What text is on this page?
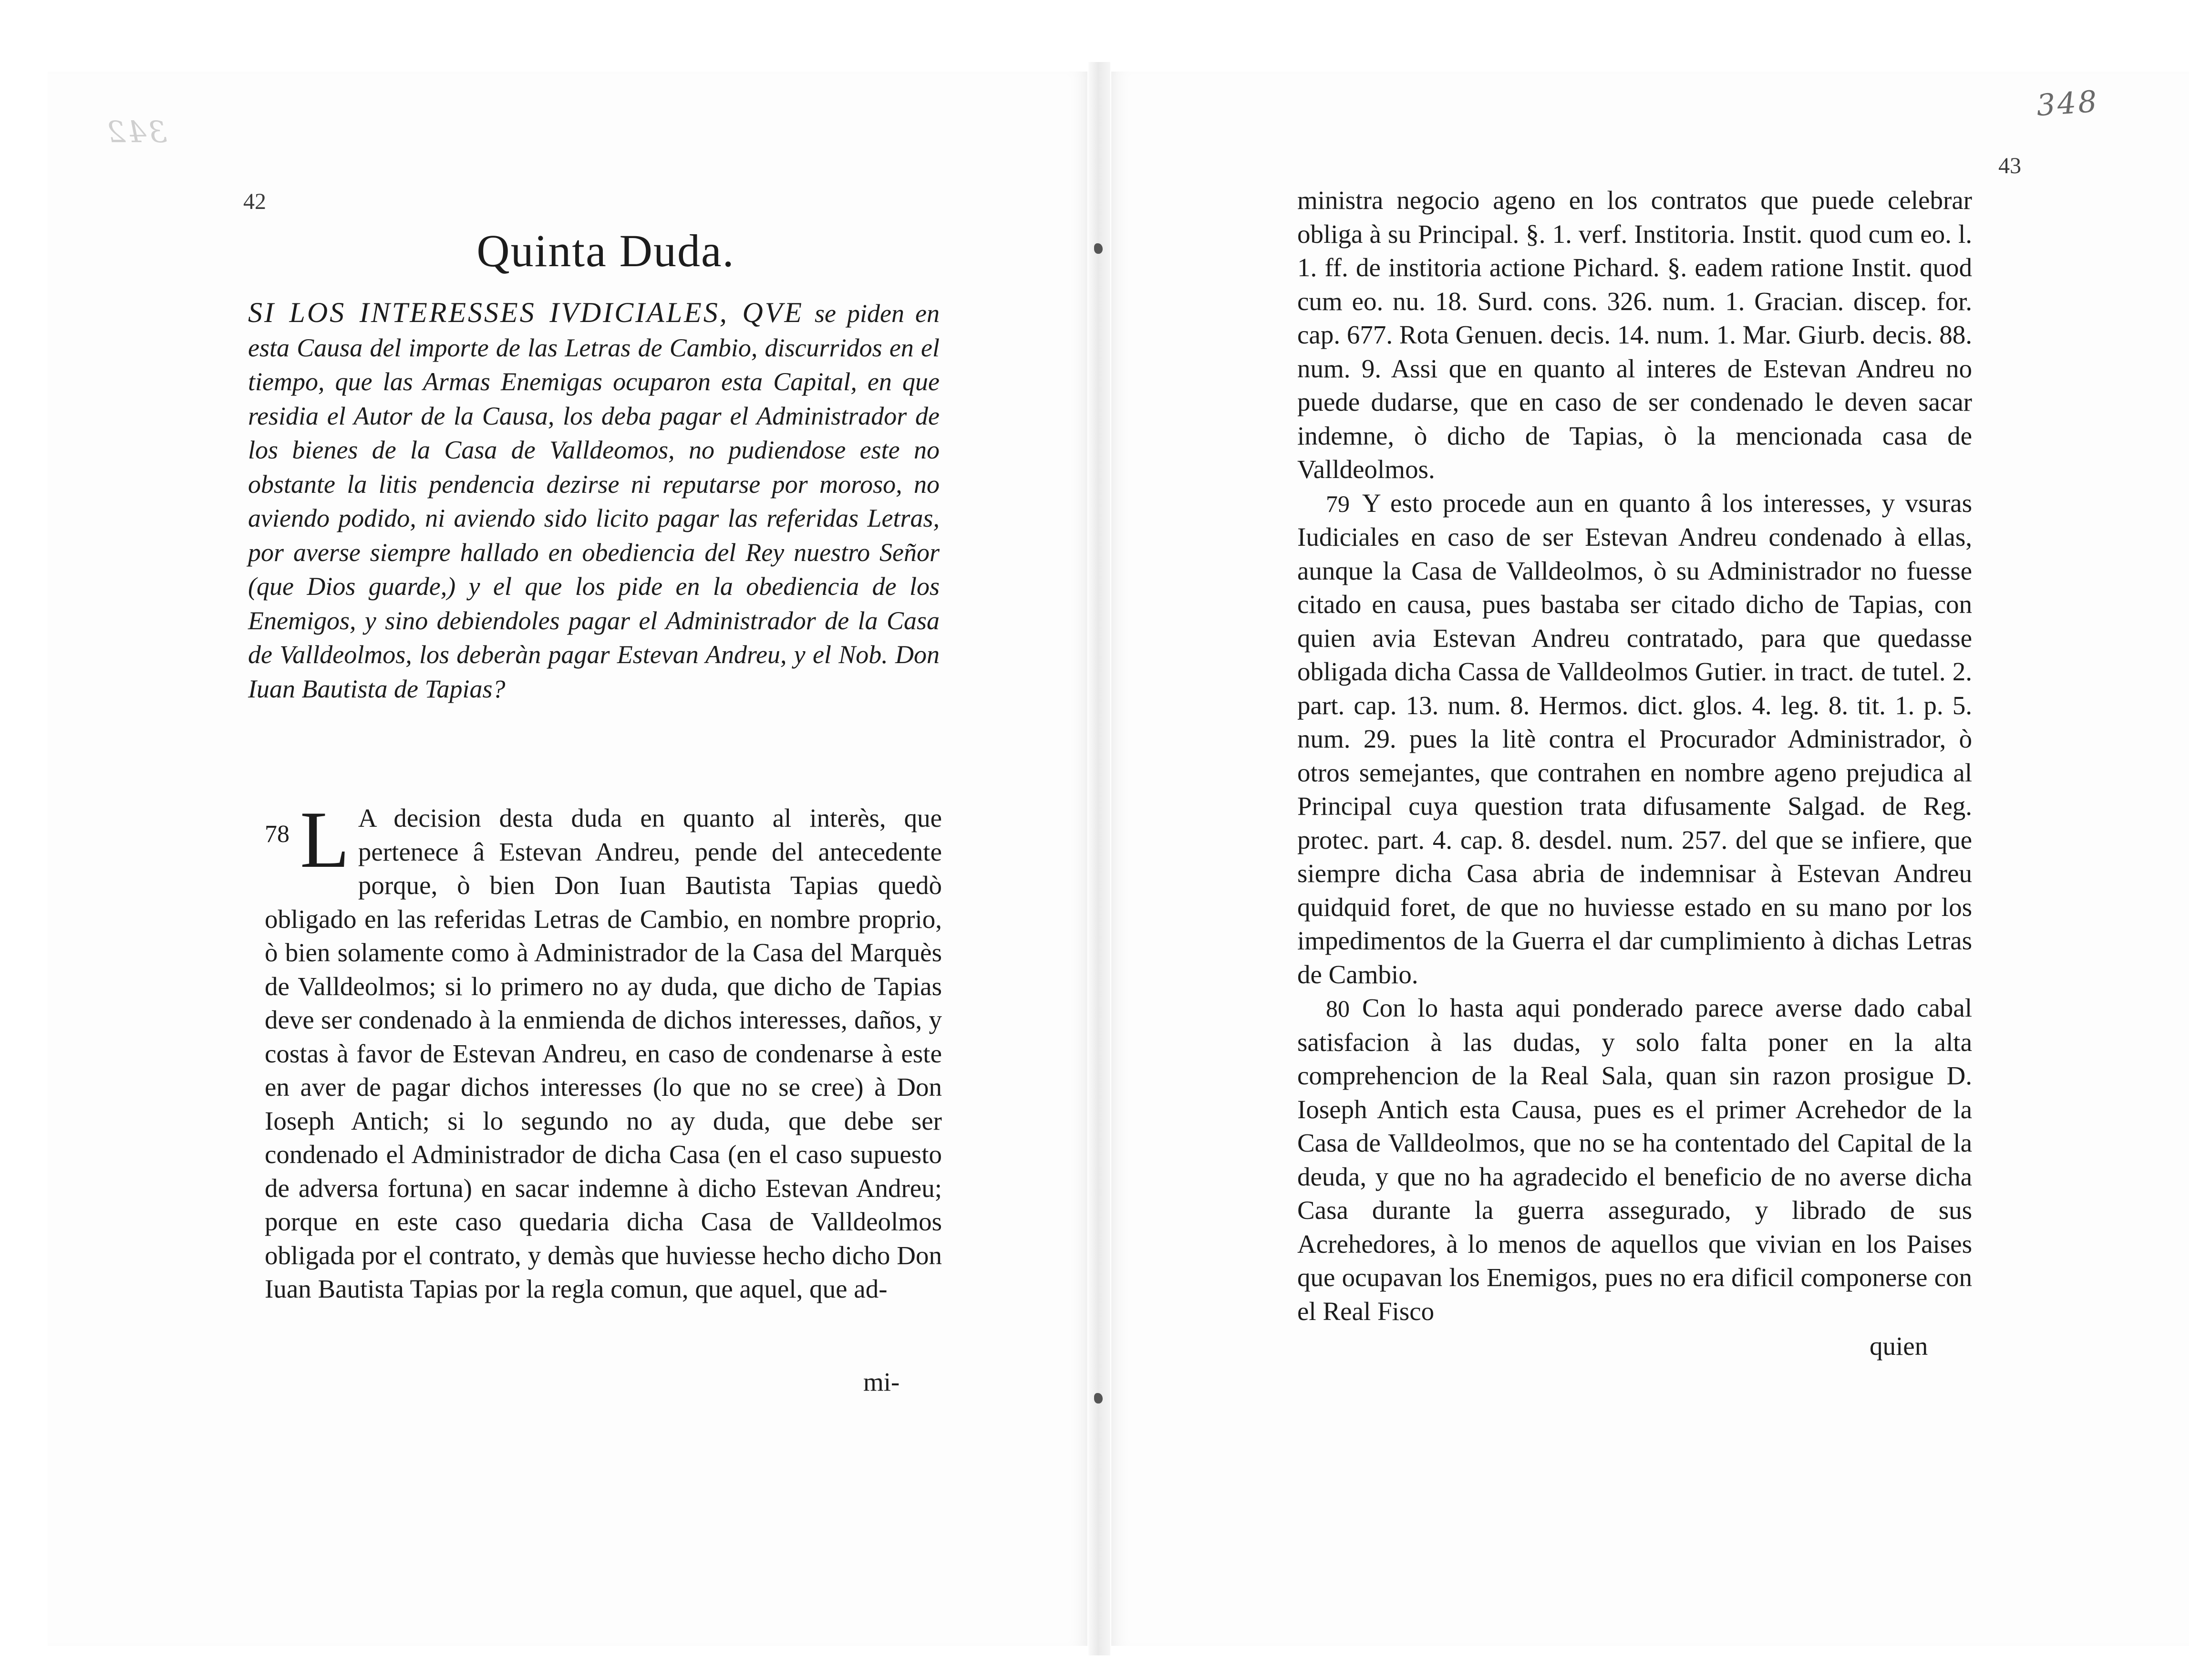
342
348
42
43
Quinta Duda.
SI LOS INTERESSES IVDICIALES, QVE se piden en esta Causa del importe de las Letras de Cambio, discurridos en el tiempo, que las Armas Enemigas ocuparon esta Capital, en que residia el Autor de la Causa, los deba pagar el Administrador de los bienes de la Casa de Valldeomos, no pudiendose este no obstante la litis pendencia dezirse ni reputarse por moroso, no aviendo podido, ni aviendo sido licito pagar las referidas Letras, por averse siempre hallado en obediencia del Rey nuestro Señor (que Dios guarde,) y el que los pide en la obediencia de los Enemigos, y sino debiendoles pagar el Administrador de la Casa de Valldeolmos, los deberàn pagar Estevan Andreu, y el Nob. Don Iuan Bautista de Tapias?
78 L A decision desta duda en quanto al interès, que pertenece â Estevan Andreu, pende del antecedente porque, ò bien Don Iuan Bautista Tapias quedò obligado en las referidas Letras de Cambio, en nombre proprio, ò bien solamente como à Administrador de la Casa del Marquès de Valldeolmos; si lo primero no ay duda, que dicho de Tapias deve ser condenado à la enmienda de dichos interesses, daños, y costas à favor de Estevan Andreu, en caso de condenarse à este en aver de pagar dichos interesses (lo que no se cree) à Don Ioseph Antich; si lo segundo no ay duda, que debe ser condenado el Administrador de dicha Casa (en el caso supuesto de adversa fortuna) en sacar indemne à dicho Estevan Andreu; porque en este caso quedaria dicha Casa de Valldeolmos obligada por el contrato, y demàs que huviesse hecho dicho Don Iuan Bautista Tapias por la regla comun, que aquel, que ad-
mi-

ministra negocio ageno en los contratos que puede celebrar obliga à su Principal. §. 1. verf. Institoria. Instit. quod cum eo. l. 1. ff. de institoria actione Pichard. §. eadem ratione Instit. quod cum eo. nu. 18. Surd. cons. 326. num. 1. Gracian. discep. for. cap. 677. Rota Genuen. decis. 14. num. 1. Mar. Giurb. decis. 88. num. 9. Assi que en quanto al interes de Estevan Andreu no puede dudarse, que en caso de ser condenado le deven sacar indemne, ò dicho de Tapias, ò la mencionada casa de Valldeolmos.

79 Y esto procede aun en quanto â los interesses, y vsuras Iudiciales en caso de ser Estevan Andreu condenado à ellas, aunque la Casa de Valldeolmos, ò su Administrador no fuesse citado en causa, pues bastaba ser citado dicho de Tapias, con quien avia Estevan Andreu contratado, para que quedasse obligada dicha Cassa de Valldeolmos Gutier. in tract. de tutel. 2. part. cap. 13. num. 8. Hermos. dict. glos. 4. leg. 8. tit. 1. p. 5. num. 29. pues la litè contra el Procurador Administrador, ò otros semejantes, que contrahen en nombre ageno prejudica al Principal cuya question trata difusamente Salgad. de Reg. protec. part. 4. cap. 8. desdel. num. 257. del que se infiere, que siempre dicha Casa abria de indemnisar à Estevan Andreu quidquid foret, de que no huviesse estado en su mano por los impedimentos de la Guerra el dar cumplimiento à dichas Letras de Cambio.

80 Con lo hasta aqui ponderado parece averse dado cabal satisfacion à las dudas, y solo falta poner en la alta comprehencion de la Real Sala, quan sin razon prosigue D. Ioseph Antich esta Causa, pues es el primer Acrehedor de la Casa de Valldeolmos, que no se ha contentado del Capital de la deuda, y que no ha agradecido el beneficio de no averse dicha Casa durante la guerra assegurado, y librado de sus Acrehedores, à lo menos de aquellos que vivian en los Paises que ocupavan los Enemigos, pues no era dificil componerse con el Real Fisco

quien
